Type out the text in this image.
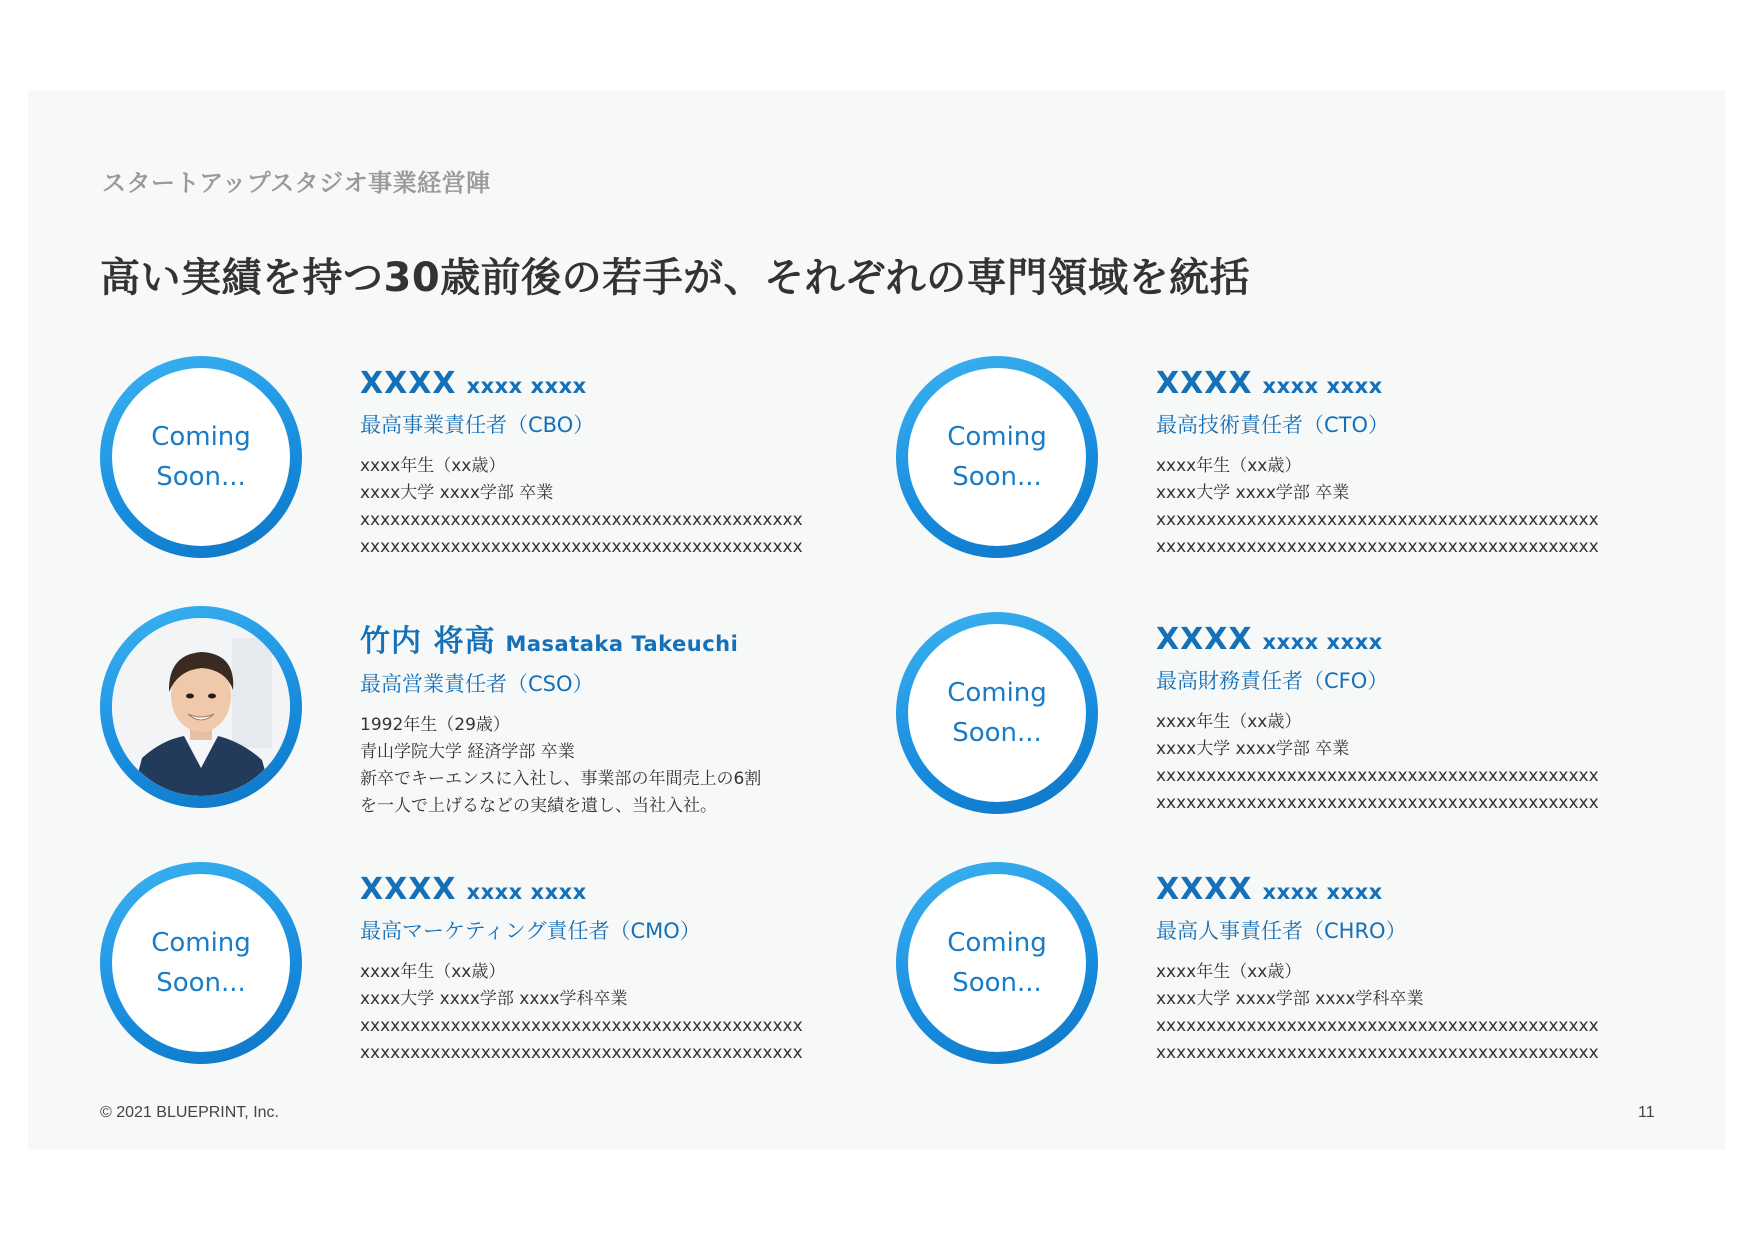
スタートアップスタジオ事業経営陣
高い実績を持つ30歳前後の若手が、それぞれの専門領域を統括
Coming
Soon...
XXXX xxxx xxxx
最高事業責任者（CBO）
xxxx年生（xx歳）
xxxx大学 xxxx学部 卒業
xxxxxxxxxxxxxxxxxxxxxxxxxxxxxxxxxxxxxxxxxxxx
xxxxxxxxxxxxxxxxxxxxxxxxxxxxxxxxxxxxxxxxxxxx
Coming
Soon...
XXXX xxxx xxxx
最高技術責任者（CTO）
xxxx年生（xx歳）
xxxx大学 xxxx学部 卒業
xxxxxxxxxxxxxxxxxxxxxxxxxxxxxxxxxxxxxxxxxxxx
xxxxxxxxxxxxxxxxxxxxxxxxxxxxxxxxxxxxxxxxxxxx
竹内 将高 Masataka Takeuchi
最高営業責任者（CSO）
1992年生（29歳）
青山学院大学 経済学部 卒業
新卒でキーエンスに入社し、事業部の年間売上の6割
を一人で上げるなどの実績を遺し、当社入社。
Coming
Soon...
XXXX xxxx xxxx
最高財務責任者（CFO）
xxxx年生（xx歳）
xxxx大学 xxxx学部 卒業
xxxxxxxxxxxxxxxxxxxxxxxxxxxxxxxxxxxxxxxxxxxx
xxxxxxxxxxxxxxxxxxxxxxxxxxxxxxxxxxxxxxxxxxxx
Coming
Soon...
XXXX xxxx xxxx
最高マーケティング責任者（CMO）
xxxx年生（xx歳）
xxxx大学 xxxx学部 xxxx学科卒業
xxxxxxxxxxxxxxxxxxxxxxxxxxxxxxxxxxxxxxxxxxxx
xxxxxxxxxxxxxxxxxxxxxxxxxxxxxxxxxxxxxxxxxxxx
Coming
Soon...
XXXX xxxx xxxx
最高人事責任者（CHRO）
xxxx年生（xx歳）
xxxx大学 xxxx学部 xxxx学科卒業
xxxxxxxxxxxxxxxxxxxxxxxxxxxxxxxxxxxxxxxxxxxx
xxxxxxxxxxxxxxxxxxxxxxxxxxxxxxxxxxxxxxxxxxxx
© 2021 BLUEPRINT, Inc.	11
